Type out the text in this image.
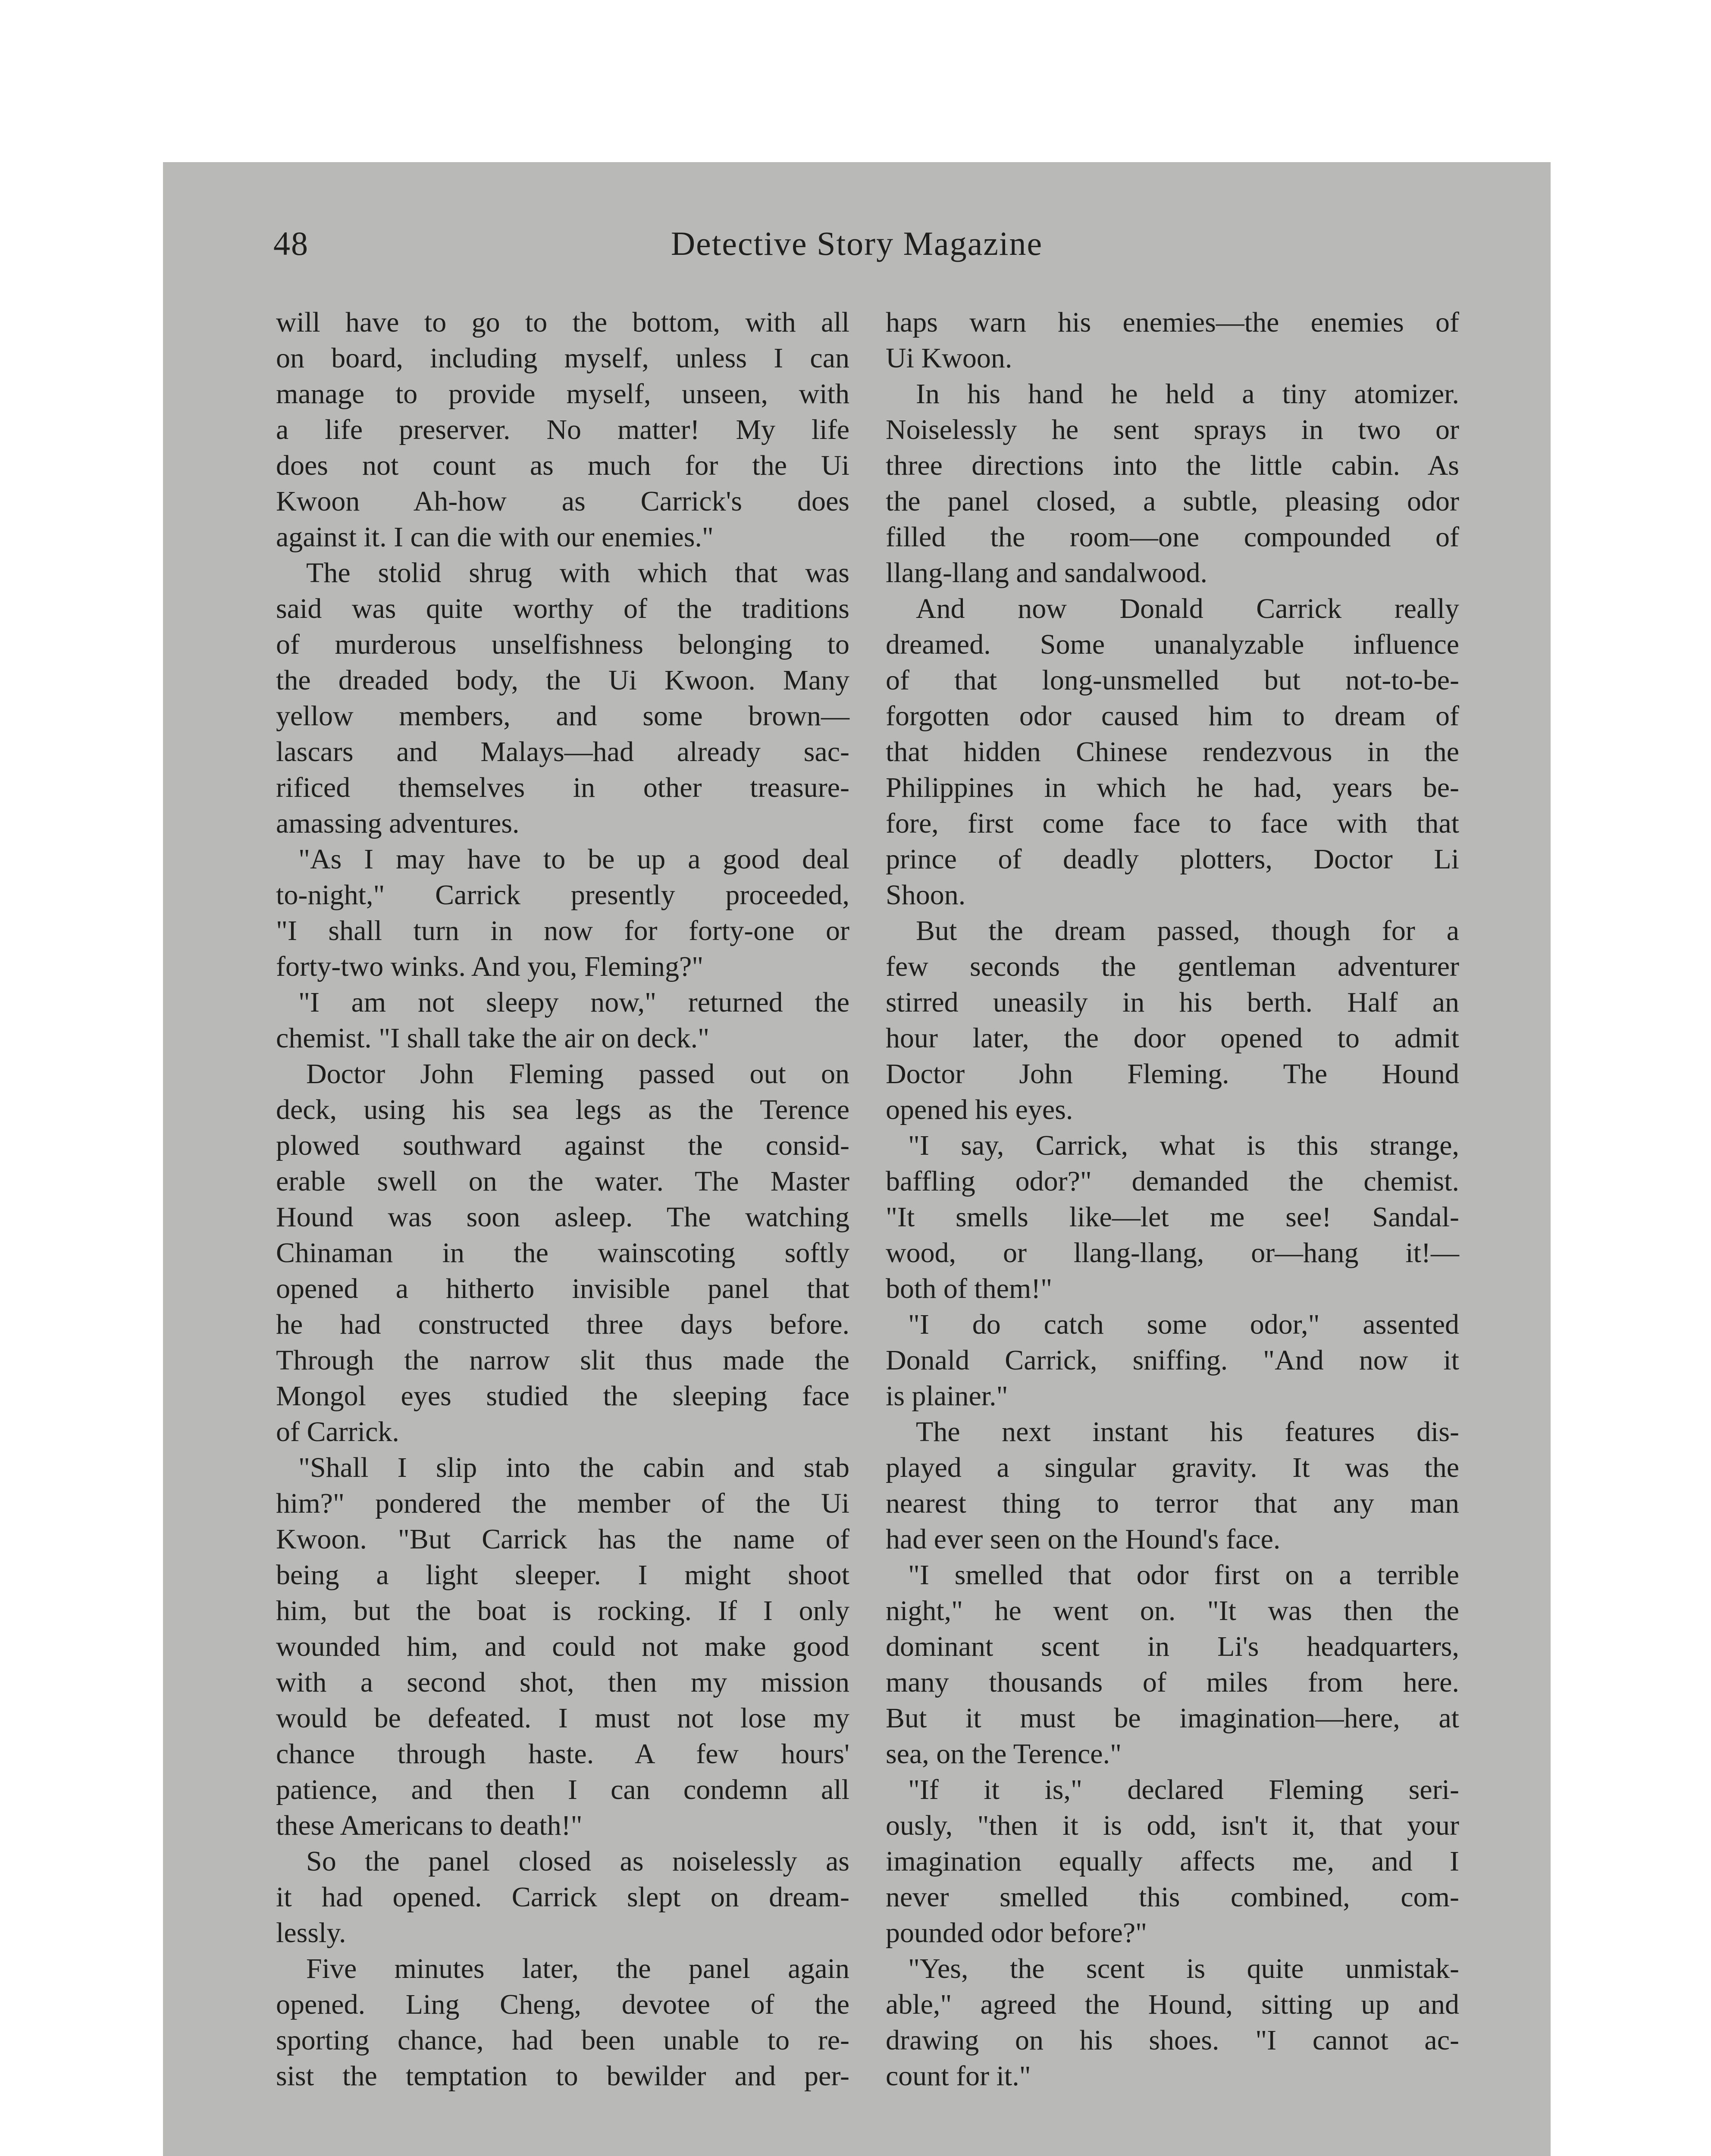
48	Detective Story Magazine
will have to go to the bottom, with all
on board, including myself, unless I can
manage to provide myself, unseen, with
a life preserver. No matter! My life
does not count as much for the Ui
Kwoon Ah-how as Carrick's does
against it. I can die with our enemies."
The stolid shrug with which that was
said was quite worthy of the traditions
of murderous unselfishness belonging to
the dreaded body, the Ui Kwoon. Many
yellow members, and some brown—
lascars and Malays—had already sac-
rificed themselves in other treasure-
amassing adventures.
"As I may have to be up a good deal
to-night," Carrick presently proceeded,
"I shall turn in now for forty-one or
forty-two winks. And you, Fleming?"
"I am not sleepy now," returned the
chemist. "I shall take the air on deck."
Doctor John Fleming passed out on
deck, using his sea legs as the Terence
plowed southward against the consid-
erable swell on the water. The Master
Hound was soon asleep. The watching
Chinaman in the wainscoting softly
opened a hitherto invisible panel that
he had constructed three days before.
Through the narrow slit thus made the
Mongol eyes studied the sleeping face
of Carrick.
"Shall I slip into the cabin and stab
him?" pondered the member of the Ui
Kwoon. "But Carrick has the name of
being a light sleeper. I might shoot
him, but the boat is rocking. If I only
wounded him, and could not make good
with a second shot, then my mission
would be defeated. I must not lose my
chance through haste. A few hours'
patience, and then I can condemn all
these Americans to death!"
So the panel closed as noiselessly as
it had opened. Carrick slept on dream-
lessly.
Five minutes later, the panel again
opened. Ling Cheng, devotee of the
sporting chance, had been unable to re-
sist the temptation to bewilder and per-
haps warn his enemies—the enemies of
Ui Kwoon.
In his hand he held a tiny atomizer.
Noiselessly he sent sprays in two or
three directions into the little cabin. As
the panel closed, a subtle, pleasing odor
filled the room—one compounded of
llang-llang and sandalwood.
And now Donald Carrick really
dreamed. Some unanalyzable influence
of that long-unsmelled but not-to-be-
forgotten odor caused him to dream of
that hidden Chinese rendezvous in the
Philippines in which he had, years be-
fore, first come face to face with that
prince of deadly plotters, Doctor Li
Shoon.
But the dream passed, though for a
few seconds the gentleman adventurer
stirred uneasily in his berth. Half an
hour later, the door opened to admit
Doctor John Fleming. The Hound
opened his eyes.
"I say, Carrick, what is this strange,
baffling odor?" demanded the chemist.
"It smells like—let me see! Sandal-
wood, or llang-llang, or—hang it!—
both of them!"
"I do catch some odor," assented
Donald Carrick, sniffing. "And now it
is plainer."
The next instant his features dis-
played a singular gravity. It was the
nearest thing to terror that any man
had ever seen on the Hound's face.
"I smelled that odor first on a terrible
night," he went on. "It was then the
dominant scent in Li's headquarters,
many thousands of miles from here.
But it must be imagination—here, at
sea, on the Terence."
"If it is," declared Fleming seri-
ously, "then it is odd, isn't it, that your
imagination equally affects me, and I
never smelled this combined, com-
pounded odor before?"
"Yes, the scent is quite unmistak-
able," agreed the Hound, sitting up and
drawing on his shoes. "I cannot ac-
count for it."
